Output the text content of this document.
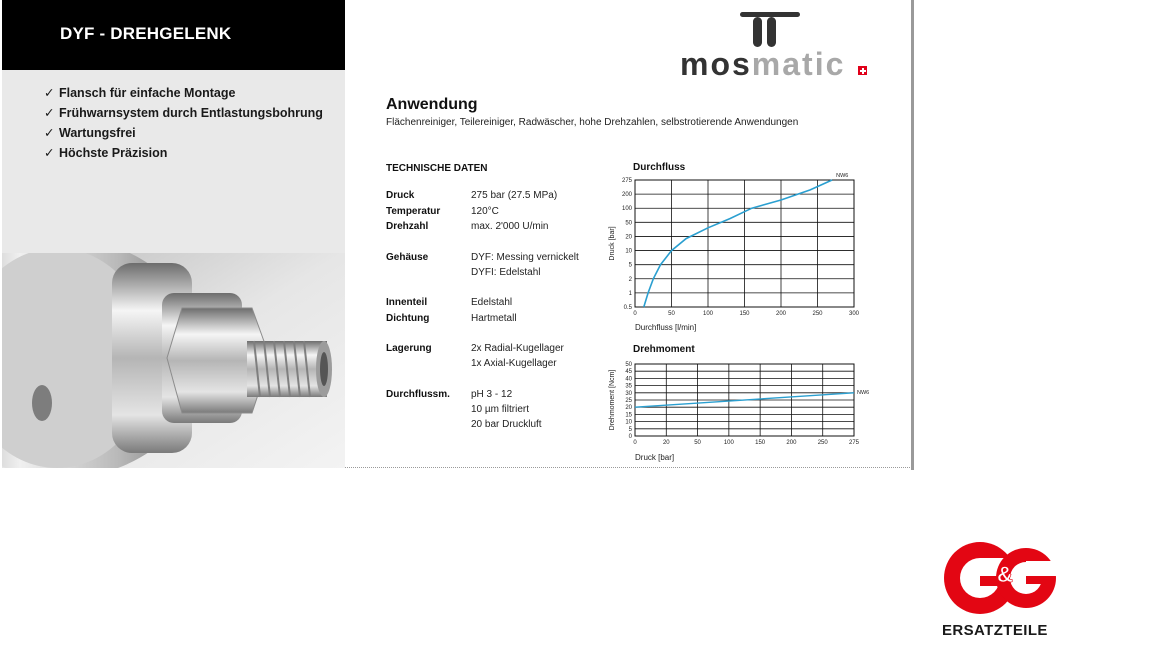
DYF - DREHGELENK
✓ Flansch für einfache Montage
✓ Frühwarnsystem durch Entlastungsbohrung
✓ Wartungsfrei
✓ Höchste Präzision
mosmatic
Anwendung
Flächenreiniger, Teilereiniger, Radwäscher, hohe Drehzahlen, selbstrotierende Anwendungen
TECHNISCHE DATEN
Druck	275 bar (27.5 MPa)
Temperatur	120°C
Drehzahl	max. 2'000 U/min
Gehäuse	DYF: Messing vernickelt
DYFI: Edelstahl
Innenteil	Edelstahl
Dichtung	Hartmetall
Lagerung	2x Radial-Kugellager
1x Axial-Kugellager
Durchflussm. pH 3 - 12
10 µm filtriert
20 bar Druckluft
Durchfluss
0	50	100	150	200	250	300
0.5
1
2
5
10
20
50
100
200
275
Durchfluss [l/min]
Druck [bar]
NW6
Drehmoment
0	20	50	100	150	200	250	275
0
5
10
15
20
25
30
35
40
45
50
Druck [bar]
Drehmoment [Ncm]	NW6
&
ERSATZTEILE
